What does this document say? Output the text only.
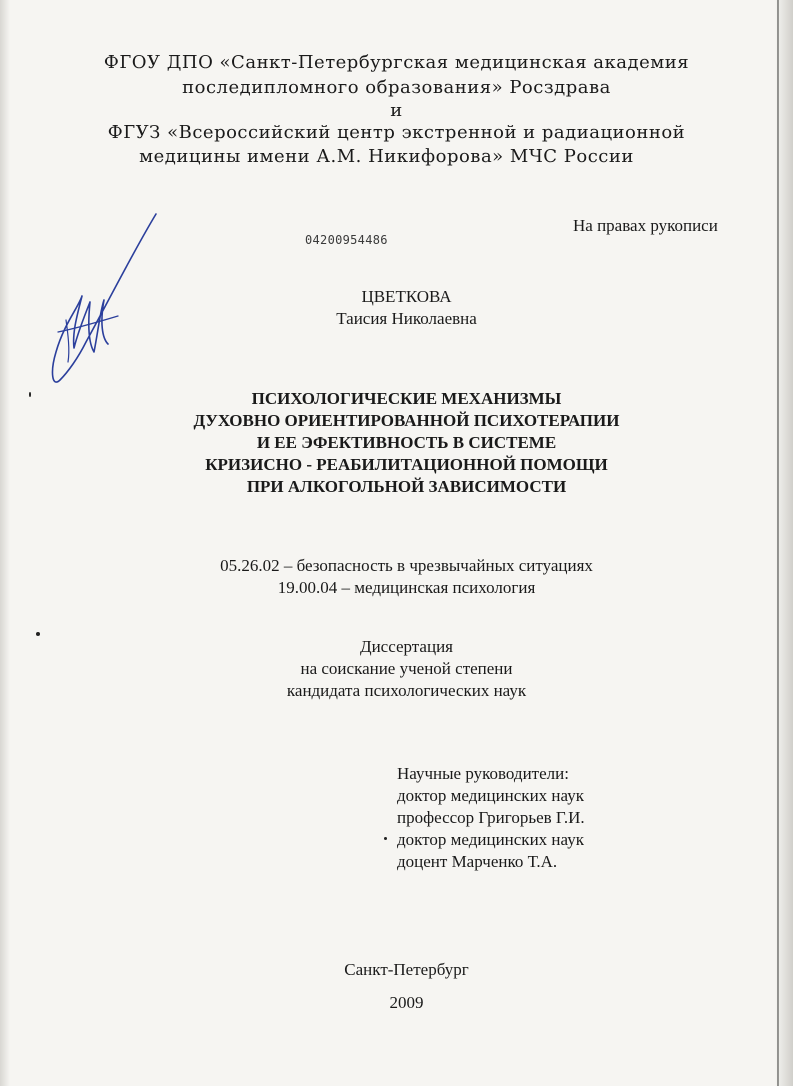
ФГОУ ДПО «Санкт-Петербургская медицинская академия
последипломного образования» Росздрава
и
ФГУЗ «Всероссийский центр экстренной и радиационной
медицины имени А.М. Никифорова» МЧС России
На правах рукописи
04200954486
ЦВЕТКОВА
Таисия Николаевна
ПСИХОЛОГИЧЕСКИЕ МЕХАНИЗМЫ
ДУХОВНО ОРИЕНТИРОВАННОЙ ПСИХОТЕРАПИИ
И ЕЕ ЭФЕКТИВНОСТЬ В СИСТЕМЕ
КРИЗИСНО - РЕАБИЛИТАЦИОННОЙ ПОМОЩИ
ПРИ АЛКОГОЛЬНОЙ ЗАВИСИМОСТИ
05.26.02 – безопасность в чрезвычайных ситуациях
19.00.04 – медицинская психология
Диссертация
на соискание ученой степени
кандидата психологических наук
Научные руководители:
доктор медицинских наук
профессор Григорьев Г.И.
доктор медицинских наук
доцент Марченко Т.А.
Санкт-Петербург
2009
